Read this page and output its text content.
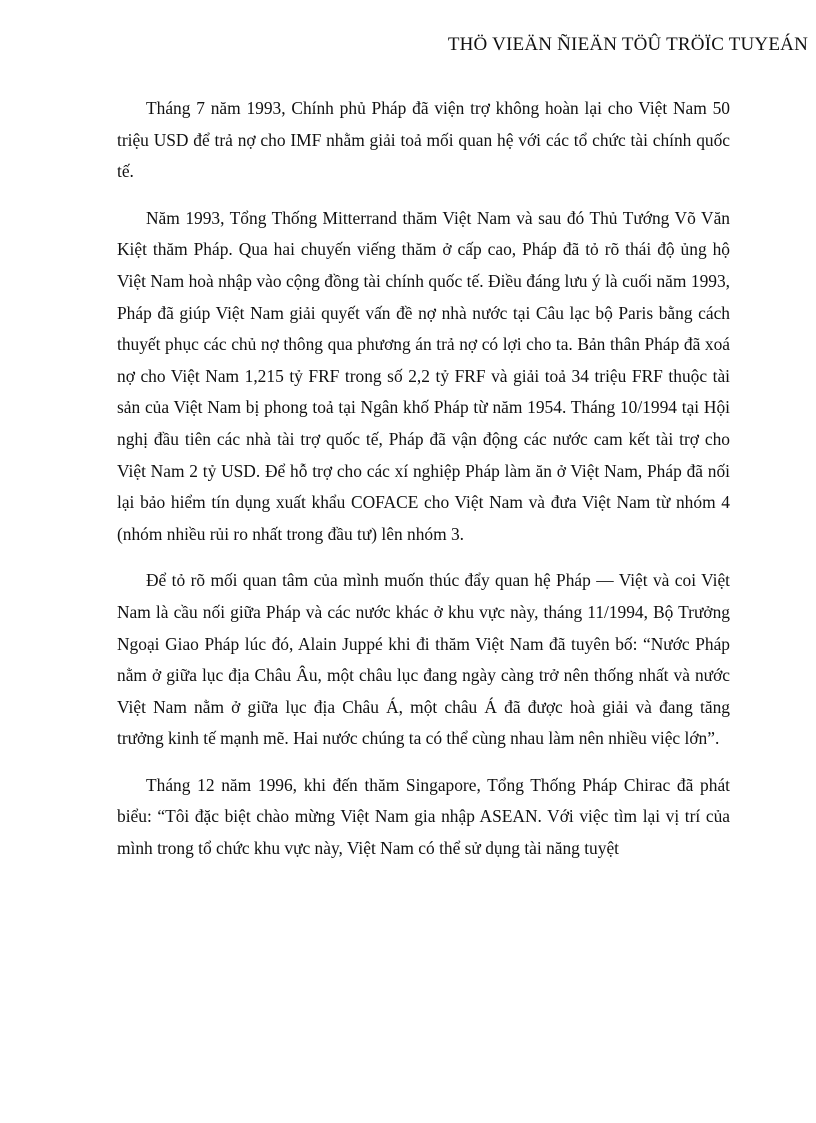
THÖ VIEÄN ÑIEÄN TÖÛ TRÖÏC TUYEÁN

Tháng 7 năm 1993, Chính phủ Pháp đã viện trợ không hoàn lại cho Việt Nam 50 triệu USD để trả nợ cho IMF nhằm giải toả mối quan hệ với các tổ chức tài chính quốc tế.

Năm 1993, Tổng Thống Mitterrand thăm Việt Nam và sau đó Thủ Tướng Võ Văn Kiệt thăm Pháp. Qua hai chuyến viếng thăm ở cấp cao, Pháp đã tỏ rõ thái độ ủng hộ Việt Nam hoà nhập vào cộng đồng tài chính quốc tế. Điều đáng lưu ý là cuối năm 1993, Pháp đã giúp Việt Nam giải quyết vấn đề nợ nhà nước tại Câu lạc bộ Paris bằng cách thuyết phục các chủ nợ thông qua phương án trả nợ có lợi cho ta. Bản thân Pháp đã xoá nợ cho Việt Nam 1,215 tỷ FRF trong số 2,2 tỷ FRF và giải toả 34 triệu FRF thuộc tài sản của Việt Nam bị phong toả tại Ngân khố Pháp từ năm 1954. Tháng 10/1994 tại Hội nghị đầu tiên các nhà tài trợ quốc tế, Pháp đã vận động các nước cam kết tài trợ cho Việt Nam 2 tỷ USD. Để hỗ trợ cho các xí nghiệp Pháp làm ăn ở Việt Nam, Pháp đã nối lại bảo hiểm tín dụng xuất khẩu COFACE cho Việt Nam và đưa Việt Nam từ nhóm 4 (nhóm nhiều rủi ro nhất trong đầu tư) lên nhóm 3.

Để tỏ rõ mối quan tâm của mình muốn thúc đẩy quan hệ Pháp — Việt và coi Việt Nam là cầu nối giữa Pháp và các nước khác ở khu vực này, tháng 11/1994, Bộ Trưởng Ngoại Giao Pháp lúc đó, Alain Juppé khi đi thăm Việt Nam đã tuyên bố: “Nước Pháp nằm ở giữa lục địa Châu Âu, một châu lục đang ngày càng trở nên thống nhất và nước Việt Nam nằm ở giữa lục địa Châu Á, một châu Á đã được hoà giải và đang tăng trưởng kinh tế mạnh mẽ. Hai nước chúng ta có thể cùng nhau làm nên nhiều việc lớn”.

Tháng 12 năm 1996, khi đến thăm Singapore, Tổng Thống Pháp Chirac đã phát biểu: “Tôi đặc biệt chào mừng Việt Nam gia nhập ASEAN. Với việc tìm lại vị trí của mình trong tổ chức khu vực này, Việt Nam có thể sử dụng tài năng tuyệt
